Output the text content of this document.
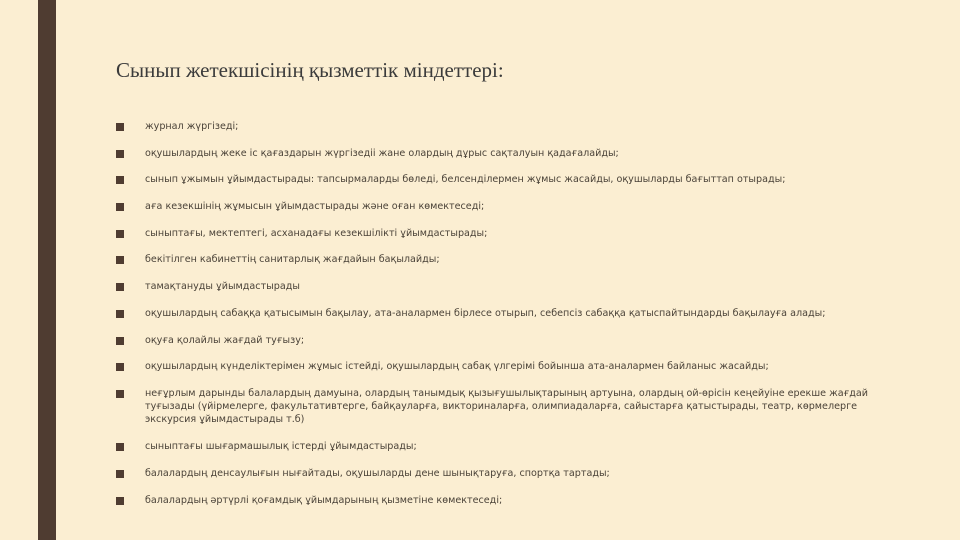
Сынып жетекшісінің қызметтік міндеттері:
журнал жүргізеді;
оқушылардың жеке іс қағаздарын жүргізедіі жане олардың дұрыс сақталуын қадағалайды;
сынып ұжымын ұйымдастырады: тапсырмаларды бөледі, белсенділермен жұмыс жасайды, оқушыларды бағыттап отырады;
аға кезекшінің жұмысын ұйымдастырады және оған көмектеседі;
сыныптағы, мектептегі, асханадағы кезекшілікті ұйымдастырады;
бекітілген кабинеттің санитарлық жағдайын бақылайды;
тамақтануды ұйымдастырады
оқушылардың сабаққа қатысымын бақылау, ата-аналармен бірлесе отырып, себепсіз сабаққа қатыспайтындарды бақылауға алады;
оқуға қолайлы жағдай туғызу;
оқушылардың күнделіктерімен жұмыс істейді, оқушылардың сабақ үлгерімі бойынша ата-аналармен байланыс жасайды;
неғұрлым дарынды балалардың дамуына, олардың танымдық қызығушылықтарының артуына, олардың ой-өрісін кеңейуіне ерекше жағдай туғызады (үйірмелерге, факультативтерге, байқауларға, викториналарға, олимпиадаларға, сайыстарға қатыстырады, театр, көрмелерге экскурсия ұйымдастырады т.б)
сыныптағы шығармашылық істерді ұйымдастырады;
балалардың денсаулығын нығайтады, оқушыларды дене шынықтаруға, спортқа тартады;
балалардың әртүрлі қоғамдық ұйымдарының қызметіне көмектеседі;
